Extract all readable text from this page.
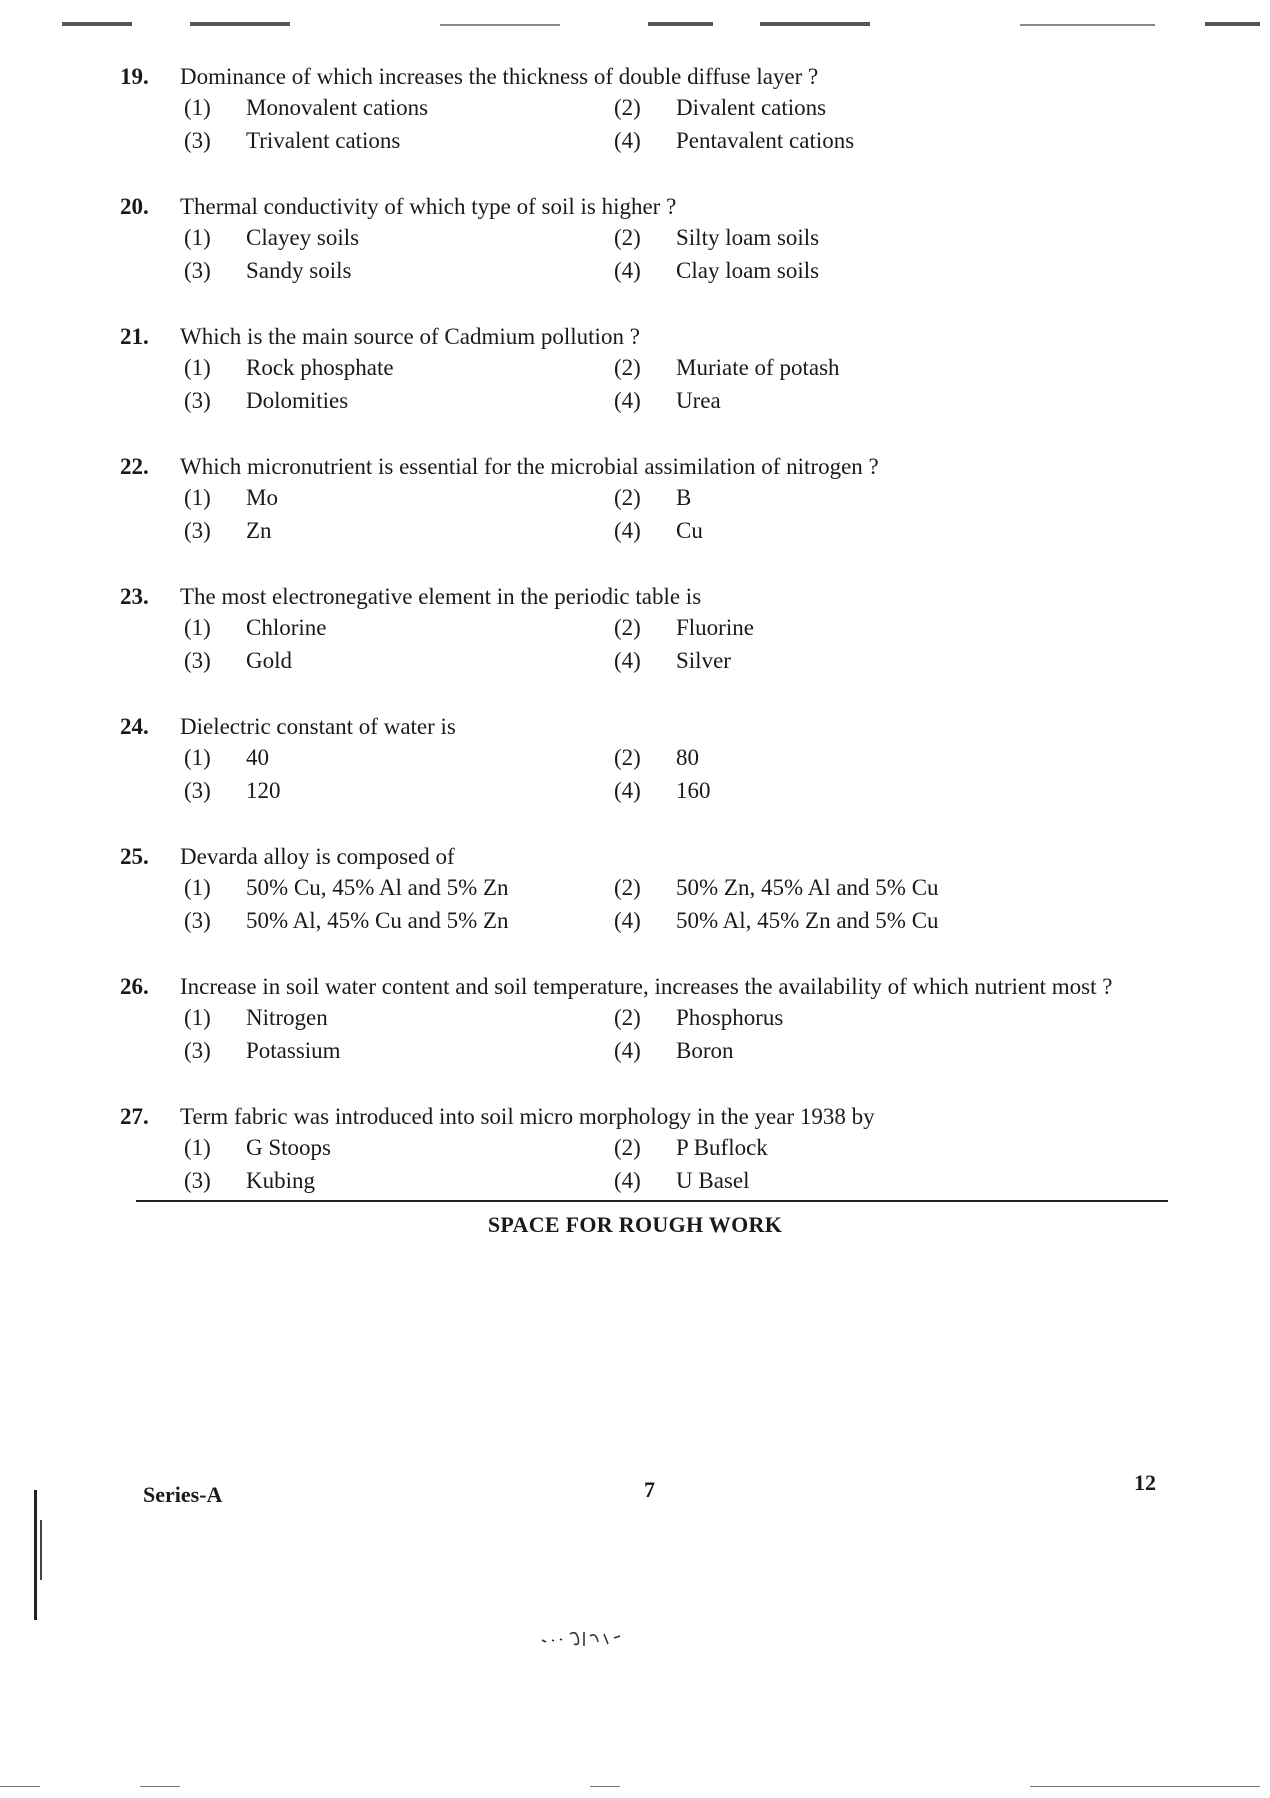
19.	Dominance of which increases the thickness of double diffuse layer ?
(1)	Monovalent cations	(2)	Divalent cations
(3)	Trivalent cations	(4)	Pentavalent cations
20.	Thermal conductivity of which type of soil is higher ?
(1)	Clayey soils	(2)	Silty loam soils
(3)	Sandy soils	(4)	Clay loam soils
21.	Which is the main source of Cadmium pollution ?
(1)	Rock phosphate	(2)	Muriate of potash
(3)	Dolomities	(4)	Urea
22.	Which micronutrient is essential for the microbial assimilation of nitrogen ?
(1)	Mo	(2)	B
(3)	Zn	(4)	Cu
23.	The most electronegative element in the periodic table is
(1)	Chlorine	(2)	Fluorine
(3)	Gold	(4)	Silver
24.	Dielectric constant of water is
(1)	40	(2)	80
(3)	120	(4)	160
25.	Devarda alloy is composed of
(1)	50% Cu, 45% Al and 5% Zn	(2)	50% Zn, 45% Al and 5% Cu
(3)	50% Al, 45% Cu and 5% Zn	(4)	50% Al, 45% Zn and 5% Cu
26.	Increase in soil water content and soil temperature, increases the availability of which nutrient most ?
(1)	Nitrogen	(2)	Phosphorus
(3)	Potassium	(4)	Boron
27.	Term fabric was introduced into soil micro morphology in the year 1938 by
(1)	G Stoops	(2)	P Buflock
(3)	Kubing	(4)	U Basel
SPACE FOR ROUGH WORK
Series-A	7	12
